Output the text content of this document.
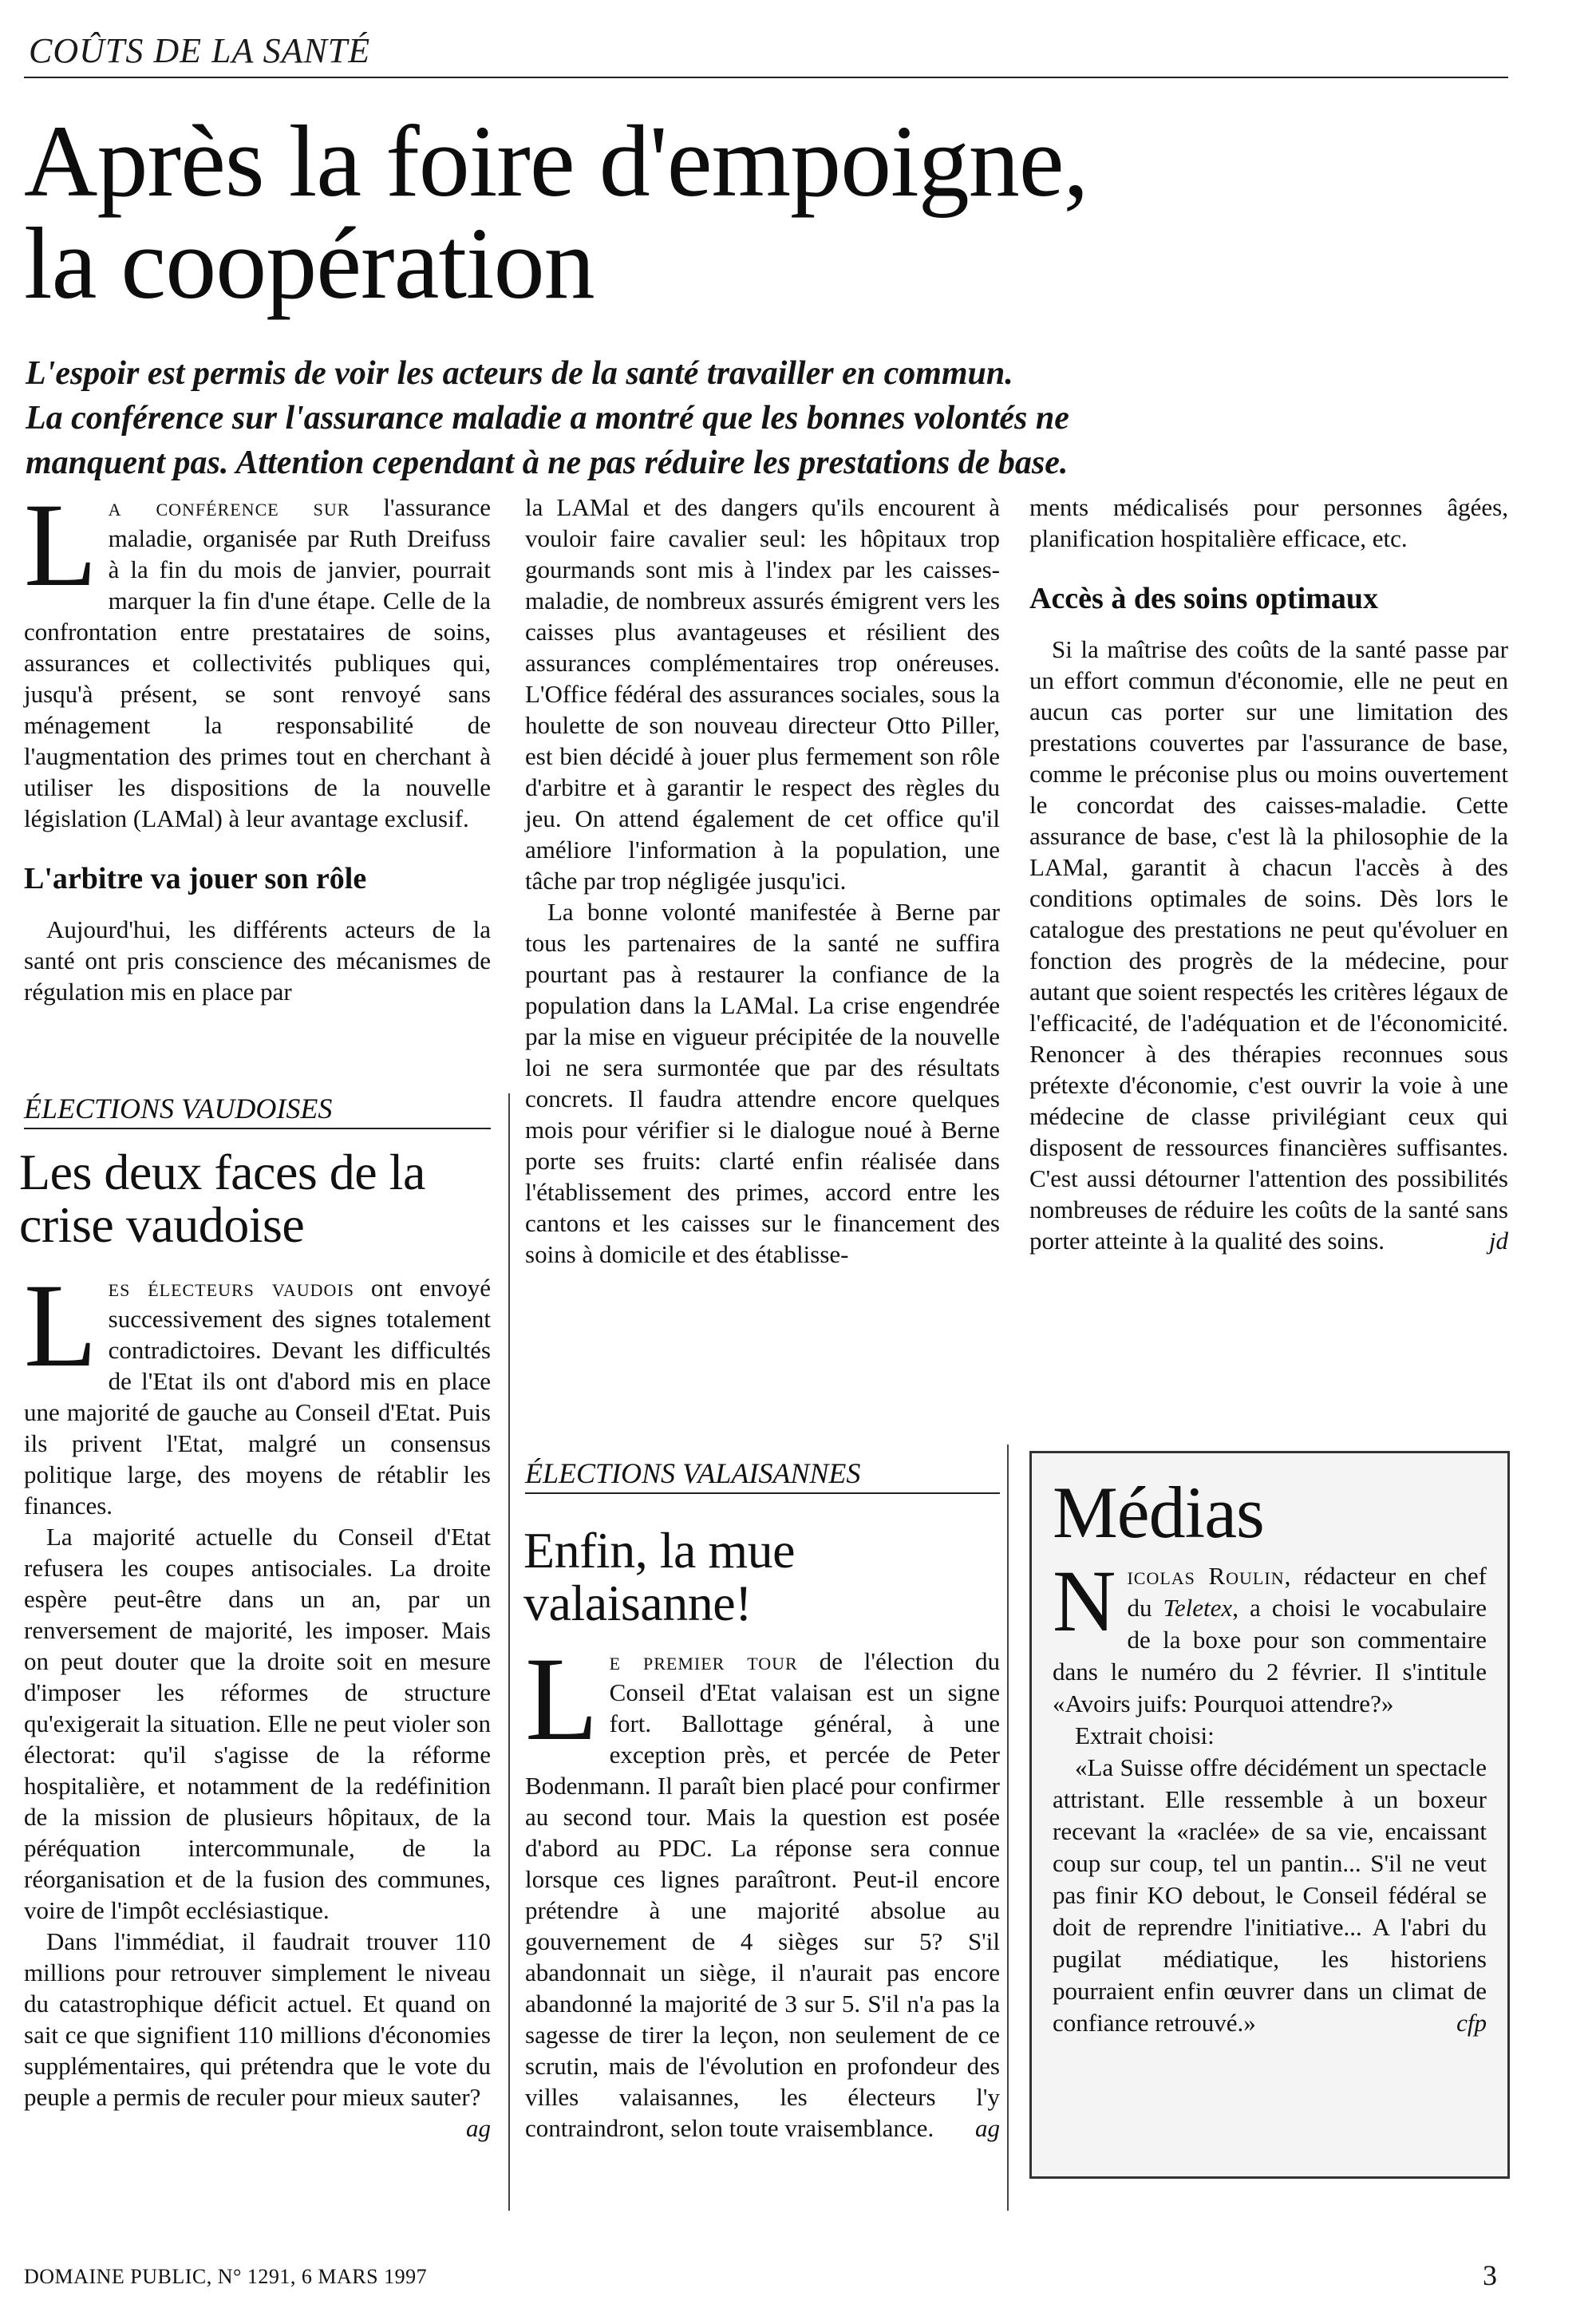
COÛTS DE LA SANTÉ
Après la foire d'empoigne,
la coopération
L'espoir est permis de voir les acteurs de la santé travailler en commun.
La conférence sur l'assurance maladie a montré que les bonnes volontés ne
manquent pas. Attention cependant à ne pas réduire les prestations de base.

La conférence sur l'assurance maladie, organisée par Ruth Dreifuss à la fin du mois de janvier, pourrait marquer la fin d'une étape. Celle de la confrontation entre prestataires de soins, assurances et collectivités publiques qui, jusqu'à présent, se sont renvoyé sans ménagement la responsabilité de l'augmentation des primes tout en cherchant à utiliser les dispositions de la nouvelle législation (LAMal) à leur avantage exclusif.

L'arbitre va jouer son rôle

Aujourd'hui, les différents acteurs de la santé ont pris conscience des mécanismes de régulation mis en place par

ÉLECTIONS VAUDOISES
Les deux faces de la
crise vaudoise

Les électeurs vaudois ont envoyé successivement des signes totalement contradictoires. Devant les difficultés de l'Etat ils ont d'abord mis en place une majorité de gauche au Conseil d'Etat. Puis ils privent l'Etat, malgré un consensus politique large, des moyens de rétablir les finances.

La majorité actuelle du Conseil d'Etat refusera les coupes antisociales. La droite espère peut-être dans un an, par un renversement de majorité, les imposer. Mais on peut douter que la droite soit en mesure d'imposer les réformes de structure qu'exigerait la situation. Elle ne peut violer son électorat: qu'il s'agisse de la réforme hospitalière, et notamment de la redéfinition de la mission de plusieurs hôpitaux, de la péréquation intercommunale, de la réorganisation et de la fusion des communes, voire de l'impôt ecclésiastique.

Dans l'immédiat, il faudrait trouver 110 millions pour retrouver simplement le niveau du catastrophique déficit actuel. Et quand on sait ce que signifient 110 millions d'économies supplémentaires, qui prétendra que le vote du peuple a permis de reculer pour mieux sauter?
ag

la LAMal et des dangers qu'ils encourent à vouloir faire cavalier seul: les hôpitaux trop gourmands sont mis à l'index par les caisses-maladie, de nombreux assurés émigrent vers les caisses plus avantageuses et résilient des assurances complémentaires trop onéreuses. L'Office fédéral des assurances sociales, sous la houlette de son nouveau directeur Otto Piller, est bien décidé à jouer plus fermement son rôle d'arbitre et à garantir le respect des règles du jeu. On attend également de cet office qu'il améliore l'information à la population, une tâche par trop négligée jusqu'ici.

La bonne volonté manifestée à Berne par tous les partenaires de la santé ne suffira pourtant pas à restaurer la confiance de la population dans la LAMal. La crise engendrée par la mise en vigueur précipitée de la nouvelle loi ne sera surmontée que par des résultats concrets. Il faudra attendre encore quelques mois pour vérifier si le dialogue noué à Berne porte ses fruits: clarté enfin réalisée dans l'établissement des primes, accord entre les cantons et les caisses sur le financement des soins à domicile et des établisse-

ÉLECTIONS VALAISANNES
Enfin, la mue
valaisanne!

Le premier tour de l'élection du Conseil d'Etat valaisan est un signe fort. Ballottage général, à une exception près, et percée de Peter Bodenmann. Il paraît bien placé pour confirmer au second tour. Mais la question est posée d'abord au PDC. La réponse sera connue lorsque ces lignes paraîtront. Peut-il encore prétendre à une majorité absolue au gouvernement de 4 sièges sur 5? S'il abandonnait un siège, il n'aurait pas encore abandonné la majorité de 3 sur 5. S'il n'a pas la sagesse de tirer la leçon, non seulement de ce scrutin, mais de l'évolution en profondeur des villes valaisannes, les électeurs l'y contraindront, selon toute vraisemblance. ag

ments médicalisés pour personnes âgées, planification hospitalière efficace, etc.

Accès à des soins optimaux

Si la maîtrise des coûts de la santé passe par un effort commun d'économie, elle ne peut en aucun cas porter sur une limitation des prestations couvertes par l'assurance de base, comme le préconise plus ou moins ouvertement le concordat des caisses-maladie. Cette assurance de base, c'est là la philosophie de la LAMal, garantit à chacun l'accès à des conditions optimales de soins. Dès lors le catalogue des prestations ne peut qu'évoluer en fonction des progrès de la médecine, pour autant que soient respectés les critères légaux de l'efficacité, de l'adéquation et de l'économicité. Renoncer à des thérapies reconnues sous prétexte d'économie, c'est ouvrir la voie à une médecine de classe privilégiant ceux qui disposent de ressources financières suffisantes. C'est aussi détourner l'attention des possibilités nombreuses de réduire les coûts de la santé sans porter atteinte à la qualité des soins.	jd

Médias

Nicolas Roulin, rédacteur en chef du Teletex, a choisi le vocabulaire de la boxe pour son commentaire dans le numéro du 2 février. Il s'intitule «Avoirs juifs: Pourquoi attendre?»

Extrait choisi:

«La Suisse offre décidément un spectacle attristant. Elle ressemble à un boxeur recevant la «raclée» de sa vie, encaissant coup sur coup, tel un pantin... S'il ne veut pas finir KO debout, le Conseil fédéral se doit de reprendre l'initiative... A l'abri du pugilat médiatique, les historiens pourraient enfin œuvrer dans un climat de confiance retrouvé.»	cfp

DOMAINE PUBLIC, N° 1291, 6 MARS 1997	3
